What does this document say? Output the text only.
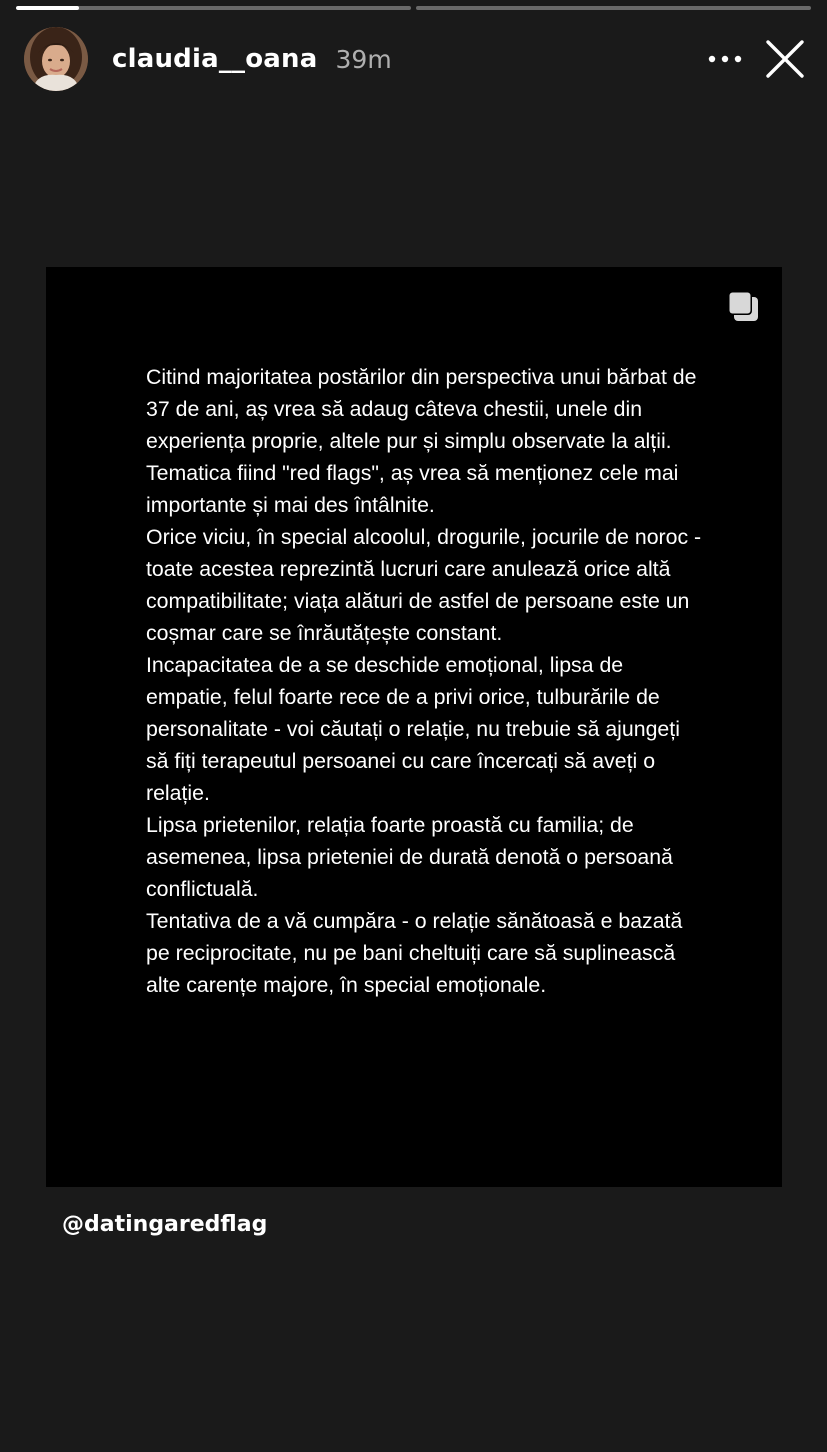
claudia__oana 39m

Citind majoritatea postărilor din perspectiva unui bărbat de 37 de ani, aș vrea să adaug câteva chestii, unele din experiența proprie, altele pur și simplu observate la alții. Tematica fiind "red flags", aș vrea să menționez cele mai importante și mai des întâlnite.

Orice viciu, în special alcoolul, drogurile, jocurile de noroc - toate acestea reprezintă lucruri care anulează orice altă compatibilitate; viața alături de astfel de persoane este un coșmar care se înrăutățește constant.

Incapacitatea de a se deschide emoțional, lipsa de empatie, felul foarte rece de a privi orice, tulburările de personalitate - voi căutați o relație, nu trebuie să ajungeți să fiți terapeutul persoanei cu care încercați să aveți o relație.

Lipsa prietenilor, relația foarte proastă cu familia; de asemenea, lipsa prieteniei de durată denotă o persoană conflictuală.

Tentativa de a vă cumpăra - o relație sănătoasă e bazată pe reciprocitate, nu pe bani cheltuiți care să suplinească alte carențe majore, în special emoționale.

@datingaredflag
